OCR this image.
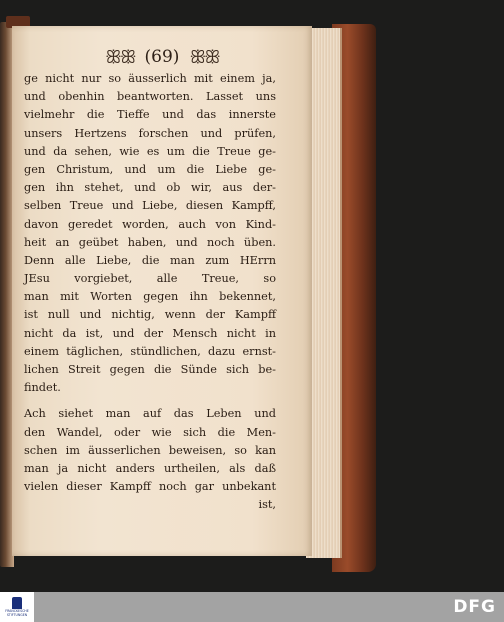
ꕥꕥ (69) ꕥꕥ
ge nicht nur so äusserlich mit einem ja,
und obenhin beantworten. Lasset uns
vielmehr die Tieffe und das innerste
unsers Hertzens forschen und prüfen,
und da sehen, wie es um die Treue ge-
gen Christum, und um die Liebe ge-
gen ihn stehet, und ob wir, aus der-
selben Treue und Liebe, diesen Kampff,
davon geredet worden, auch von Kind-
heit an geübet haben, und noch üben.
Denn alle Liebe, die man zum HErrn
JEsu vorgiebet, alle Treue, so
man mit Worten gegen ihn bekennet,
ist null und nichtig, wenn der Kampff
nicht da ist, und der Mensch nicht in
einem täglichen, stündlichen, dazu ernst-
lichen Streit gegen die Sünde sich be-
findet.
Ach siehet man auf das Leben und
den Wandel, oder wie sich die Men-
schen im äusserlichen beweisen, so kan
man ja nicht anders urtheilen, als daß
vielen dieser Kampff noch gar unbekant
ist,
FRANCKESCHE STIFTUNGEN	DFG
